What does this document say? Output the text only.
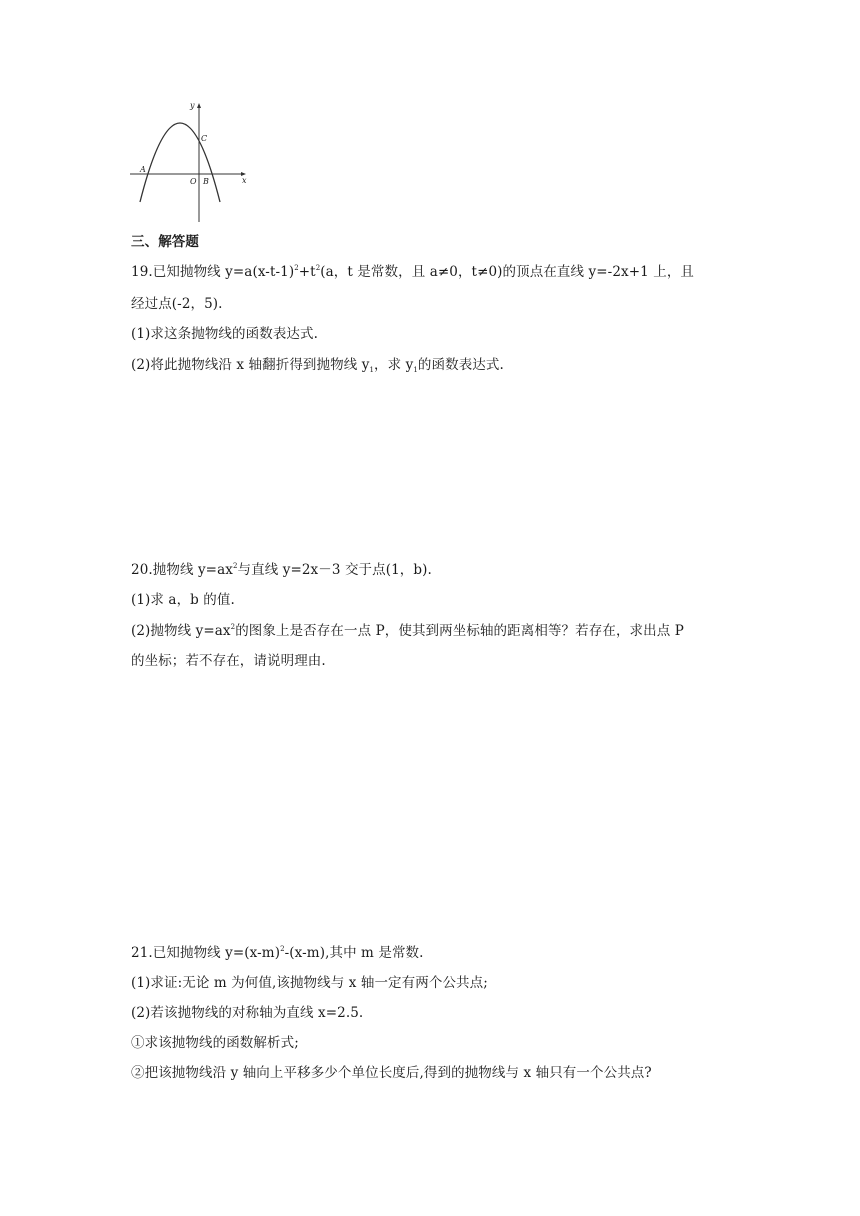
y
x
A
C
O B
三、解答题
19.已知抛物线 $y=a(x-t-1)^2+t^2(a$，t 是常数，且 a≠0，t≠0)的顶点在直线 y=-2x+1 上，且
经过点(-2，5).
(1)求这条抛物线的函数表达式.
(2)将此抛物线沿 x 轴翻折得到抛物线 $y_1$，求 $y_1$的函数表达式.
20.抛物线 $y=ax^2$与直线 y=2x－3 交于点(1，b).
(1)求 a，b 的值.
(2)抛物线 $y=ax^2$的图象上是否存在一点 P，使其到两坐标轴的距离相等？若存在，求出点 P
的坐标；若不存在，请说明理由.
21.已知抛物线 $y=(x-m)^2-(x-m)$,其中 m 是常数.
(1)求证:无论 m 为何值,该抛物线与 x 轴一定有两个公共点;
(2)若该抛物线的对称轴为直线 x=2.5.
①求该抛物线的函数解析式;
②把该抛物线沿 y 轴向上平移多少个单位长度后,得到的抛物线与 x 轴只有一个公共点?
